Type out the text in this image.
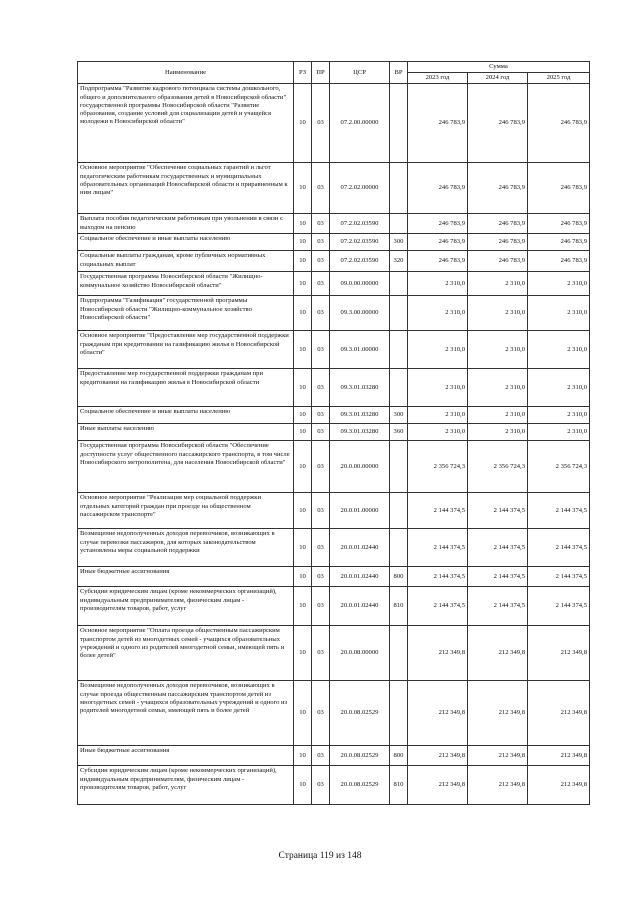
Наименование	РЗ	ПР	ЦСР	ВР	Сумма		
					2023 год	2024 год	2025 год
Подпрограмма "Развитие кадрового потенциала системы дошкольного, общего и дополнительного образования детей в Новосибирской области" государственной программы Новосибирской области "Развитие образования, создание условий для социализации детей и учащейся молодежи в Новосибирской области"	10	03	07.2.00.00000		246 783,9	246 783,9	246 783,9
Основное мероприятие "Обеспечение социальных гарантий и льгот педагогическим работникам государственных и муниципальных образовательных организаций Новосибирской области и приравненным к ним лицам"	10	03	07.2.02.00000		246 783,9	246 783,9	246 783,9
Выплата пособия педагогическим работникам при увольнении в связи с выходом на пенсию	10	03	07.2.02.03590		246 783,9	246 783,9	246 783,9
Социальное обеспечение и иные выплаты населению	10	03	07.2.02.03590	300	246 783,9	246 783,9	246 783,9
Социальные выплаты гражданам, кроме публичных нормативных социальных выплат	10	03	07.2.02.03590	320	246 783,9	246 783,9	246 783,9
Государственная программа Новосибирской области "Жилищно-коммунальное хозяйство Новосибирской области"	10	03	09.0.00.00000		2 310,0	2 310,0	2 310,0
Подпрограмма "Газификация" государственной программы Новосибирской области "Жилищно-коммунальное хозяйство Новосибирской области"	10	03	09.3.00.00000		2 310,0	2 310,0	2 310,0
Основное мероприятие "Предоставление мер государственной поддержки гражданам при кредитовании на газификацию жилья в Новосибирской области"	10	03	09.3.01.00000		2 310,0	2 310,0	2 310,0
Предоставление мер государственной поддержки гражданам при кредитовании на газификацию жилья в Новосибирской области	10	03	09.3.01.03280		2 310,0	2 310,0	2 310,0
Социальное обеспечение и иные выплаты населению	10	03	09.3.01.03280	300	2 310,0	2 310,0	2 310,0
Иные выплаты населению	10	03	09.3.01.03280	360	2 310,0	2 310,0	2 310,0
Государственная программа Новосибирской области "Обеспечение доступности услуг общественного пассажирского транспорта, в том числе Новосибирского метрополитена, для населения Новосибирской области"	10	03	20.0.00.00000		2 356 724,3	2 356 724,3	2 356 724,3
Основное мероприятие "Реализация мер социальной поддержки отдельных категорий граждан при проезде на общественном пассажирском транспорте"	10	03	20.0.01.00000		2 144 374,5	2 144 374,5	2 144 374,5
Возмещение недополученных доходов перевозчиков, возникающих в случае перевозки пассажиров, для которых законодательством установлены меры социальной поддержки	10	03	20.0.01.02440		2 144 374,5	2 144 374,5	2 144 374,5
Иные бюджетные ассигнования	10	03	20.0.01.02440	800	2 144 374,5	2 144 374,5	2 144 374,5
Субсидии юридическим лицам (кроме некоммерческих организаций), индивидуальным предпринимателям, физическим лицам - производителям товаров, работ, услуг	10	03	20.0.01.02440	810	2 144 374,5	2 144 374,5	2 144 374,5
Основное мероприятие "Оплата проезда общественным пассажирским транспортом детей из многодетных семей - учащихся образовательных учреждений и одного из родителей многодетной семьи, имеющей пять и более детей"	10	03	20.0.08.00000		212 349,8	212 349,8	212 349,8
Возмещение недополученных доходов перевозчиков, возникающих в случае проезда общественным пассажирским транспортом детей из многодетных семей - учащихся образовательных учреждений и одного из родителей многодетной семьи, имеющей пять и более детей	10	03	20.0.08.02529		212 349,8	212 349,8	212 349,8
Иные бюджетные ассигнования	10	03	20.0.08.02529	800	212 349,8	212 349,8	212 349,8
Субсидии юридическим лицам (кроме некоммерческих организаций), индивидуальным предпринимателям, физическим лицам - производителям товаров, работ, услуг	10	03	20.0.08.02529	810	212 349,8	212 349,8	212 349,8
Страница 119 из 148
